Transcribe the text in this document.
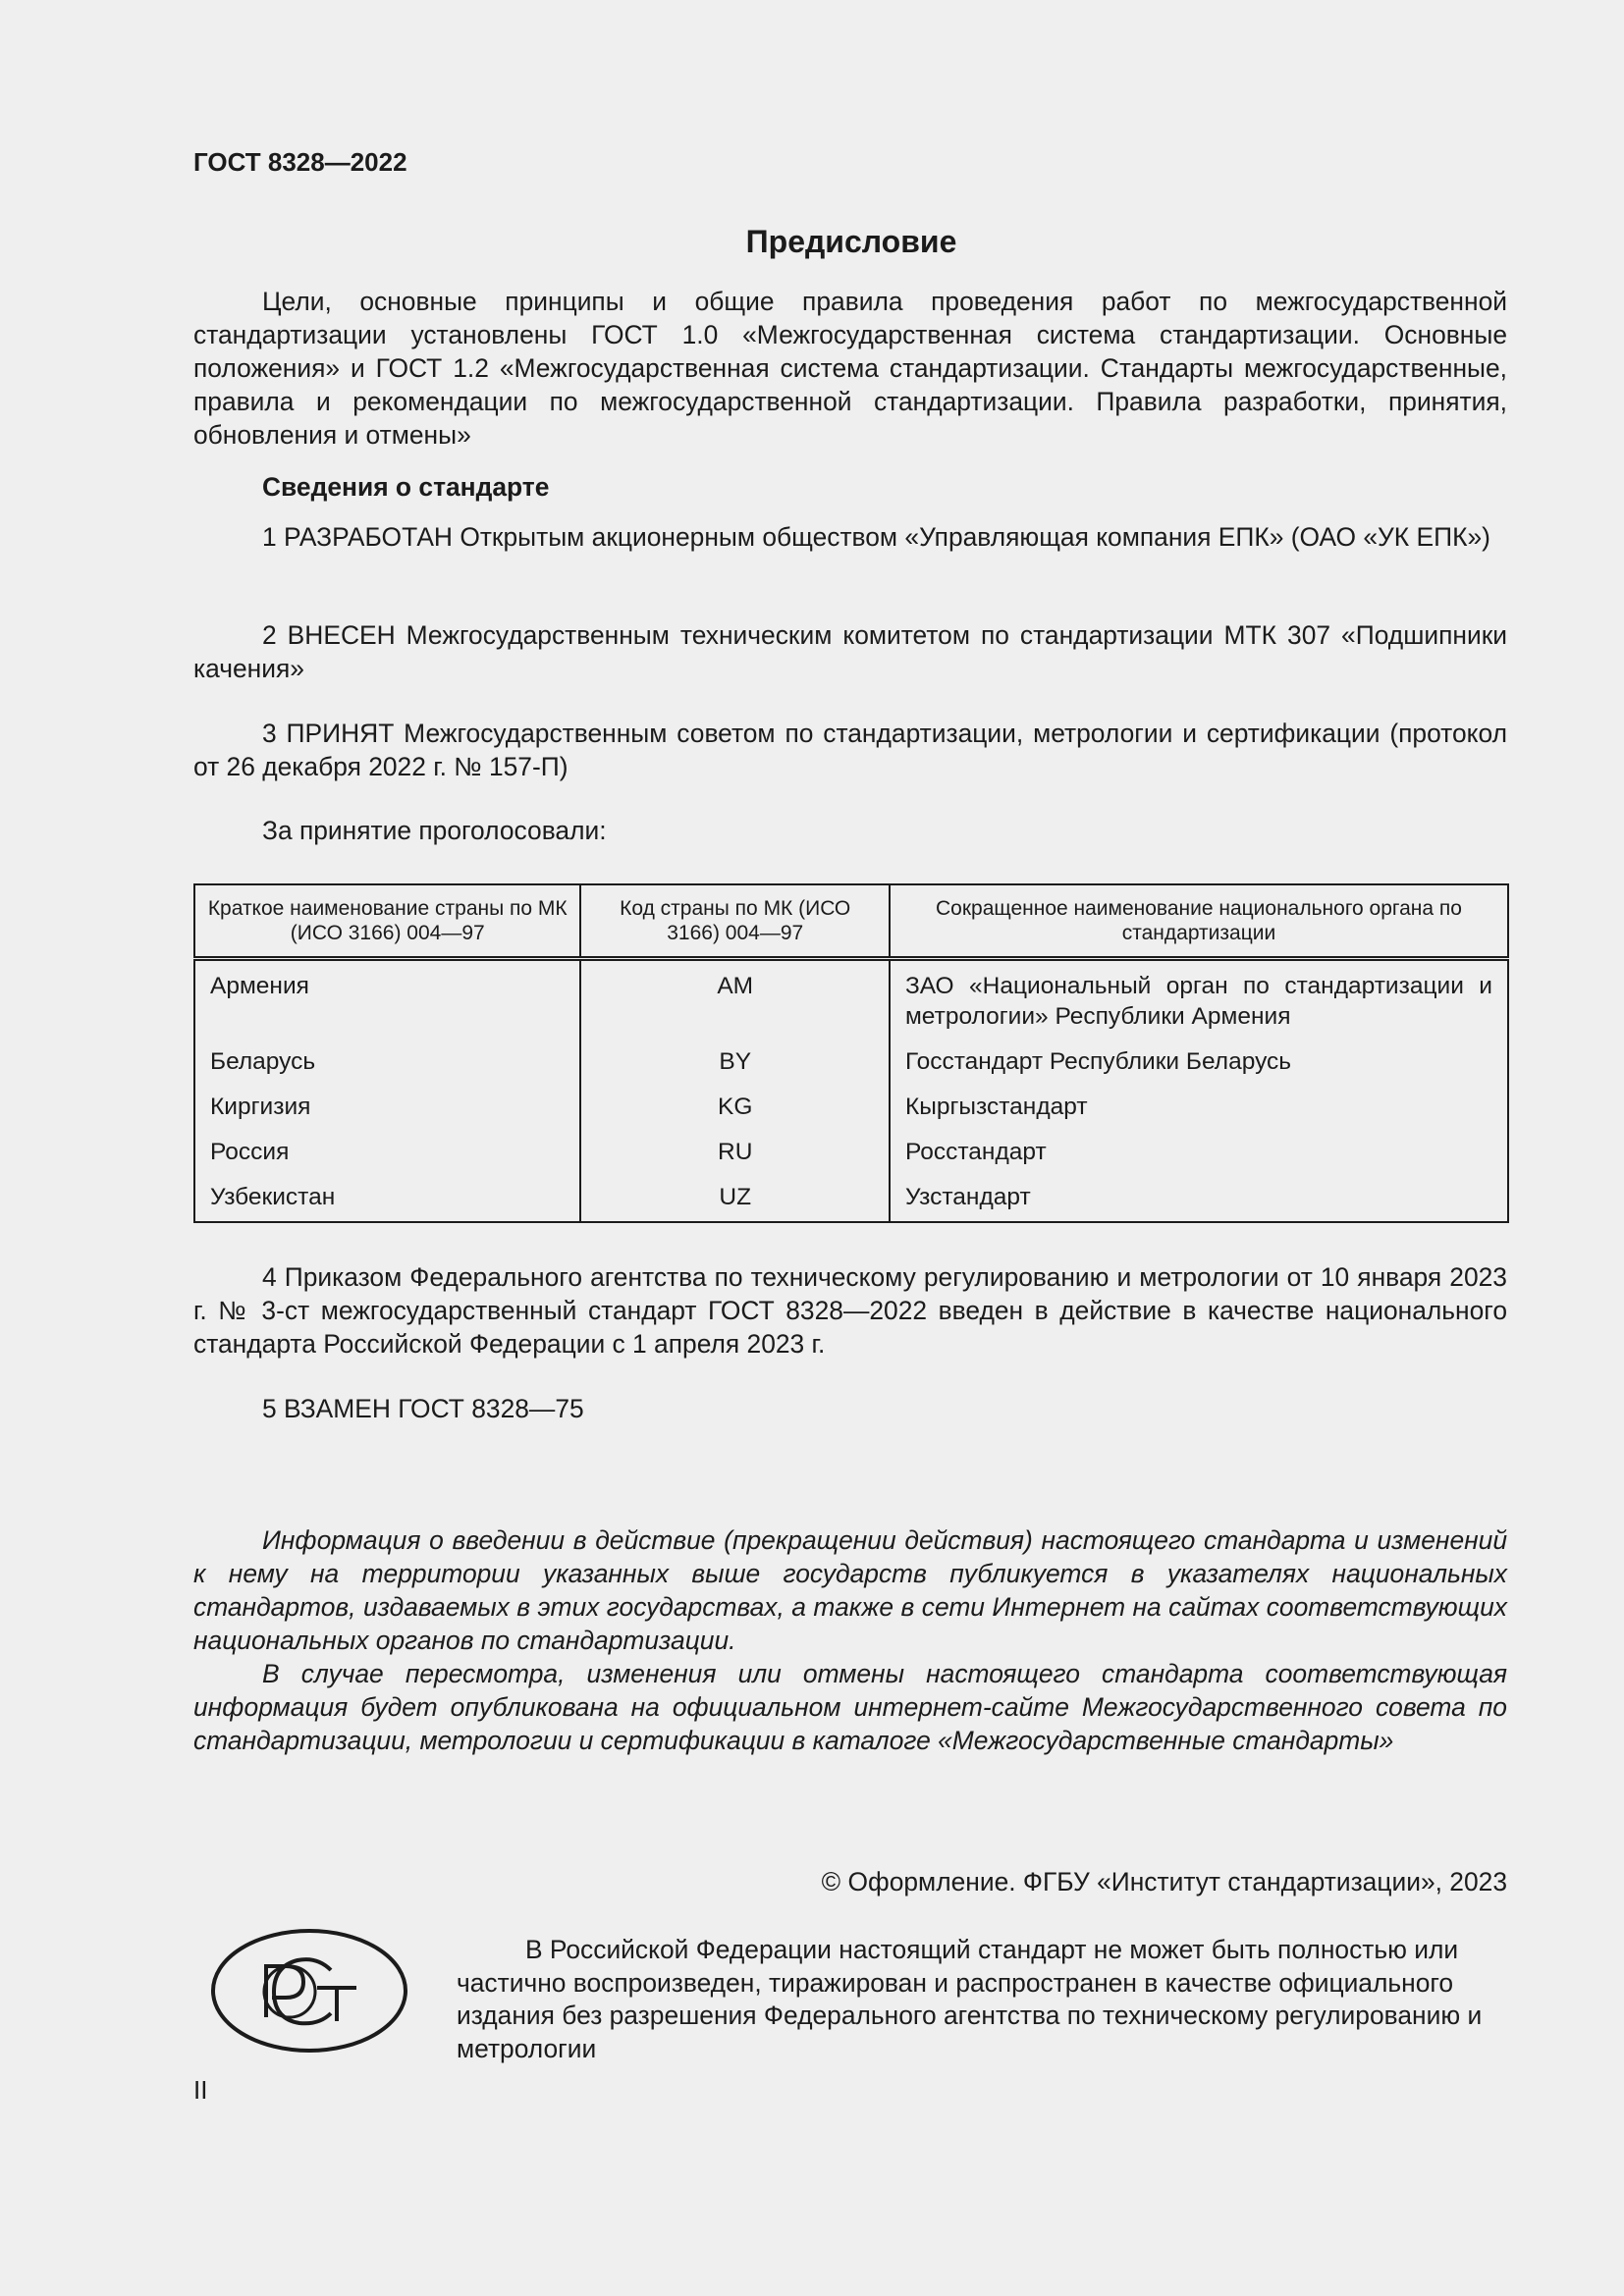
ГОСТ 8328—2022
Предисловие
Цели, основные принципы и общие правила проведения работ по межгосударственной стандартизации установлены ГОСТ 1.0 «Межгосударственная система стандартизации. Основные положения» и ГОСТ 1.2 «Межгосударственная система стандартизации. Стандарты межгосударственные, правила и рекомендации по межгосударственной стандартизации. Правила разработки, принятия, обновления и отмены»
Сведения о стандарте
1 РАЗРАБОТАН Открытым акционерным обществом «Управляющая компания ЕПК» (ОАО «УК ЕПК»)
2 ВНЕСЕН Межгосударственным техническим комитетом по стандартизации МТК 307 «Подшипники качения»
3 ПРИНЯТ Межгосударственным советом по стандартизации, метрологии и сертификации (протокол от 26 декабря 2022 г. № 157-П)
За принятие проголосовали:
Краткое наименование страны по МК (ИСО 3166) 004—97	Код страны по МК (ИСО 3166) 004—97	Сокращенное наименование национального органа по стандартизации
Армения	AM	ЗАО «Национальный орган по стандартизации и метрологии» Республики Армения
Беларусь	BY	Госстандарт Республики Беларусь
Киргизия	KG	Кыргызстандарт
Россия	RU	Росстандарт
Узбекистан	UZ	Узстандарт
4 Приказом Федерального агентства по техническому регулированию и метрологии от 10 января 2023 г. № 3-ст межгосударственный стандарт ГОСТ 8328—2022 введен в действие в качестве национального стандарта Российской Федерации с 1 апреля 2023 г.
5 ВЗАМЕН ГОСТ 8328—75

Информация о введении в действие (прекращении действия) настоящего стандарта и изменений к нему на территории указанных выше государств публикуется в указателях национальных стандартов, издаваемых в этих государствах, а также в сети Интернет на сайтах соответствующих национальных органов по стандартизации.

В случае пересмотра, изменения или отмены настоящего стандарта соответствующая информация будет опубликована на официальном интернет-сайте Межгосударственного совета по стандартизации, метрологии и сертификации в каталоге «Межгосударственные стандарты»

© Оформление. ФГБУ «Институт стандартизации», 2023

В Российской Федерации настоящий стандарт не может быть полностью или частично воспроизведен, тиражирован и распространен в качестве официального издания без разрешения Федерального агентства по техническому регулированию и метрологии

II
